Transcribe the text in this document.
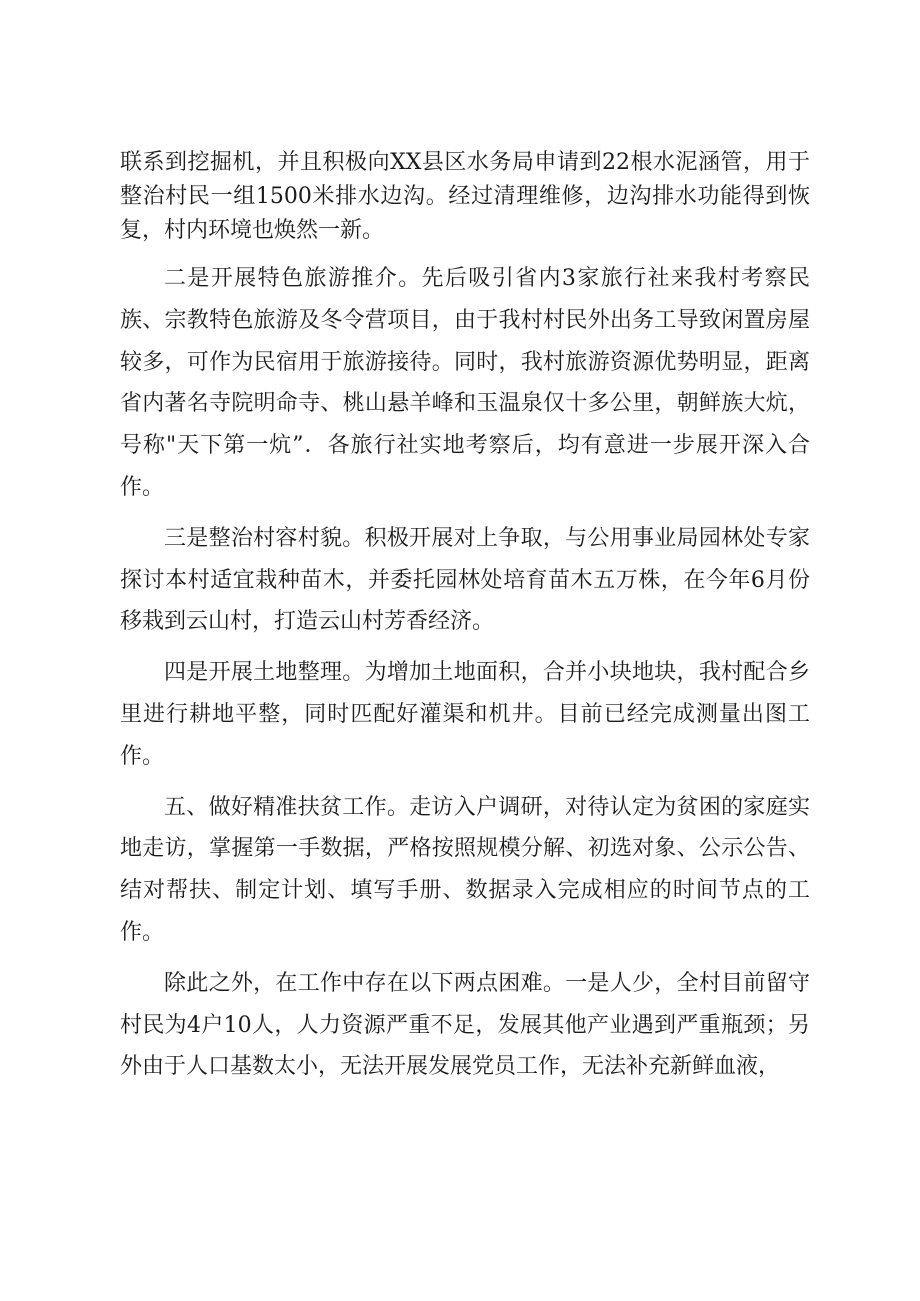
联系到挖掘机，并且积极向XX县区水务局申请到22根水泥涵管，用于整治村民一组1500米排水边沟。经过清理维修，边沟排水功能得到恢复，村内环境也焕然一新。

二是开展特色旅游推介。先后吸引省内3家旅行社来我村考察民族、宗教特色旅游及冬令营项目，由于我村村民外出务工导致闲置房屋较多，可作为民宿用于旅游接待。同时，我村旅游资源优势明显，距离省内著名寺院明命寺、桃山悬羊峰和玉温泉仅十多公里，朝鲜族大炕，号称"天下第一炕”．各旅行社实地考察后，均有意进一步展开深入合作。

三是整治村容村貌。积极开展对上争取，与公用事业局园林处专家探讨本村适宜栽种苗木，并委托园林处培育苗木五万株，在今年6月份移栽到云山村，打造云山村芳香经济。

四是开展土地整理。为增加土地面积，合并小块地块，我村配合乡里进行耕地平整，同时匹配好灌渠和机井。目前已经完成测量出图工作。

五、做好精准扶贫工作。走访入户调研，对待认定为贫困的家庭实地走访，掌握第一手数据，严格按照规模分解、初选对象、公示公告、结对帮扶、制定计划、填写手册、数据录入完成相应的时间节点的工作。

除此之外，在工作中存在以下两点困难。一是人少，全村目前留守村民为4户10人，人力资源严重不足，发展其他产业遇到严重瓶颈；另外由于人口基数太小，无法开展发展党员工作，无法补充新鲜血液，
